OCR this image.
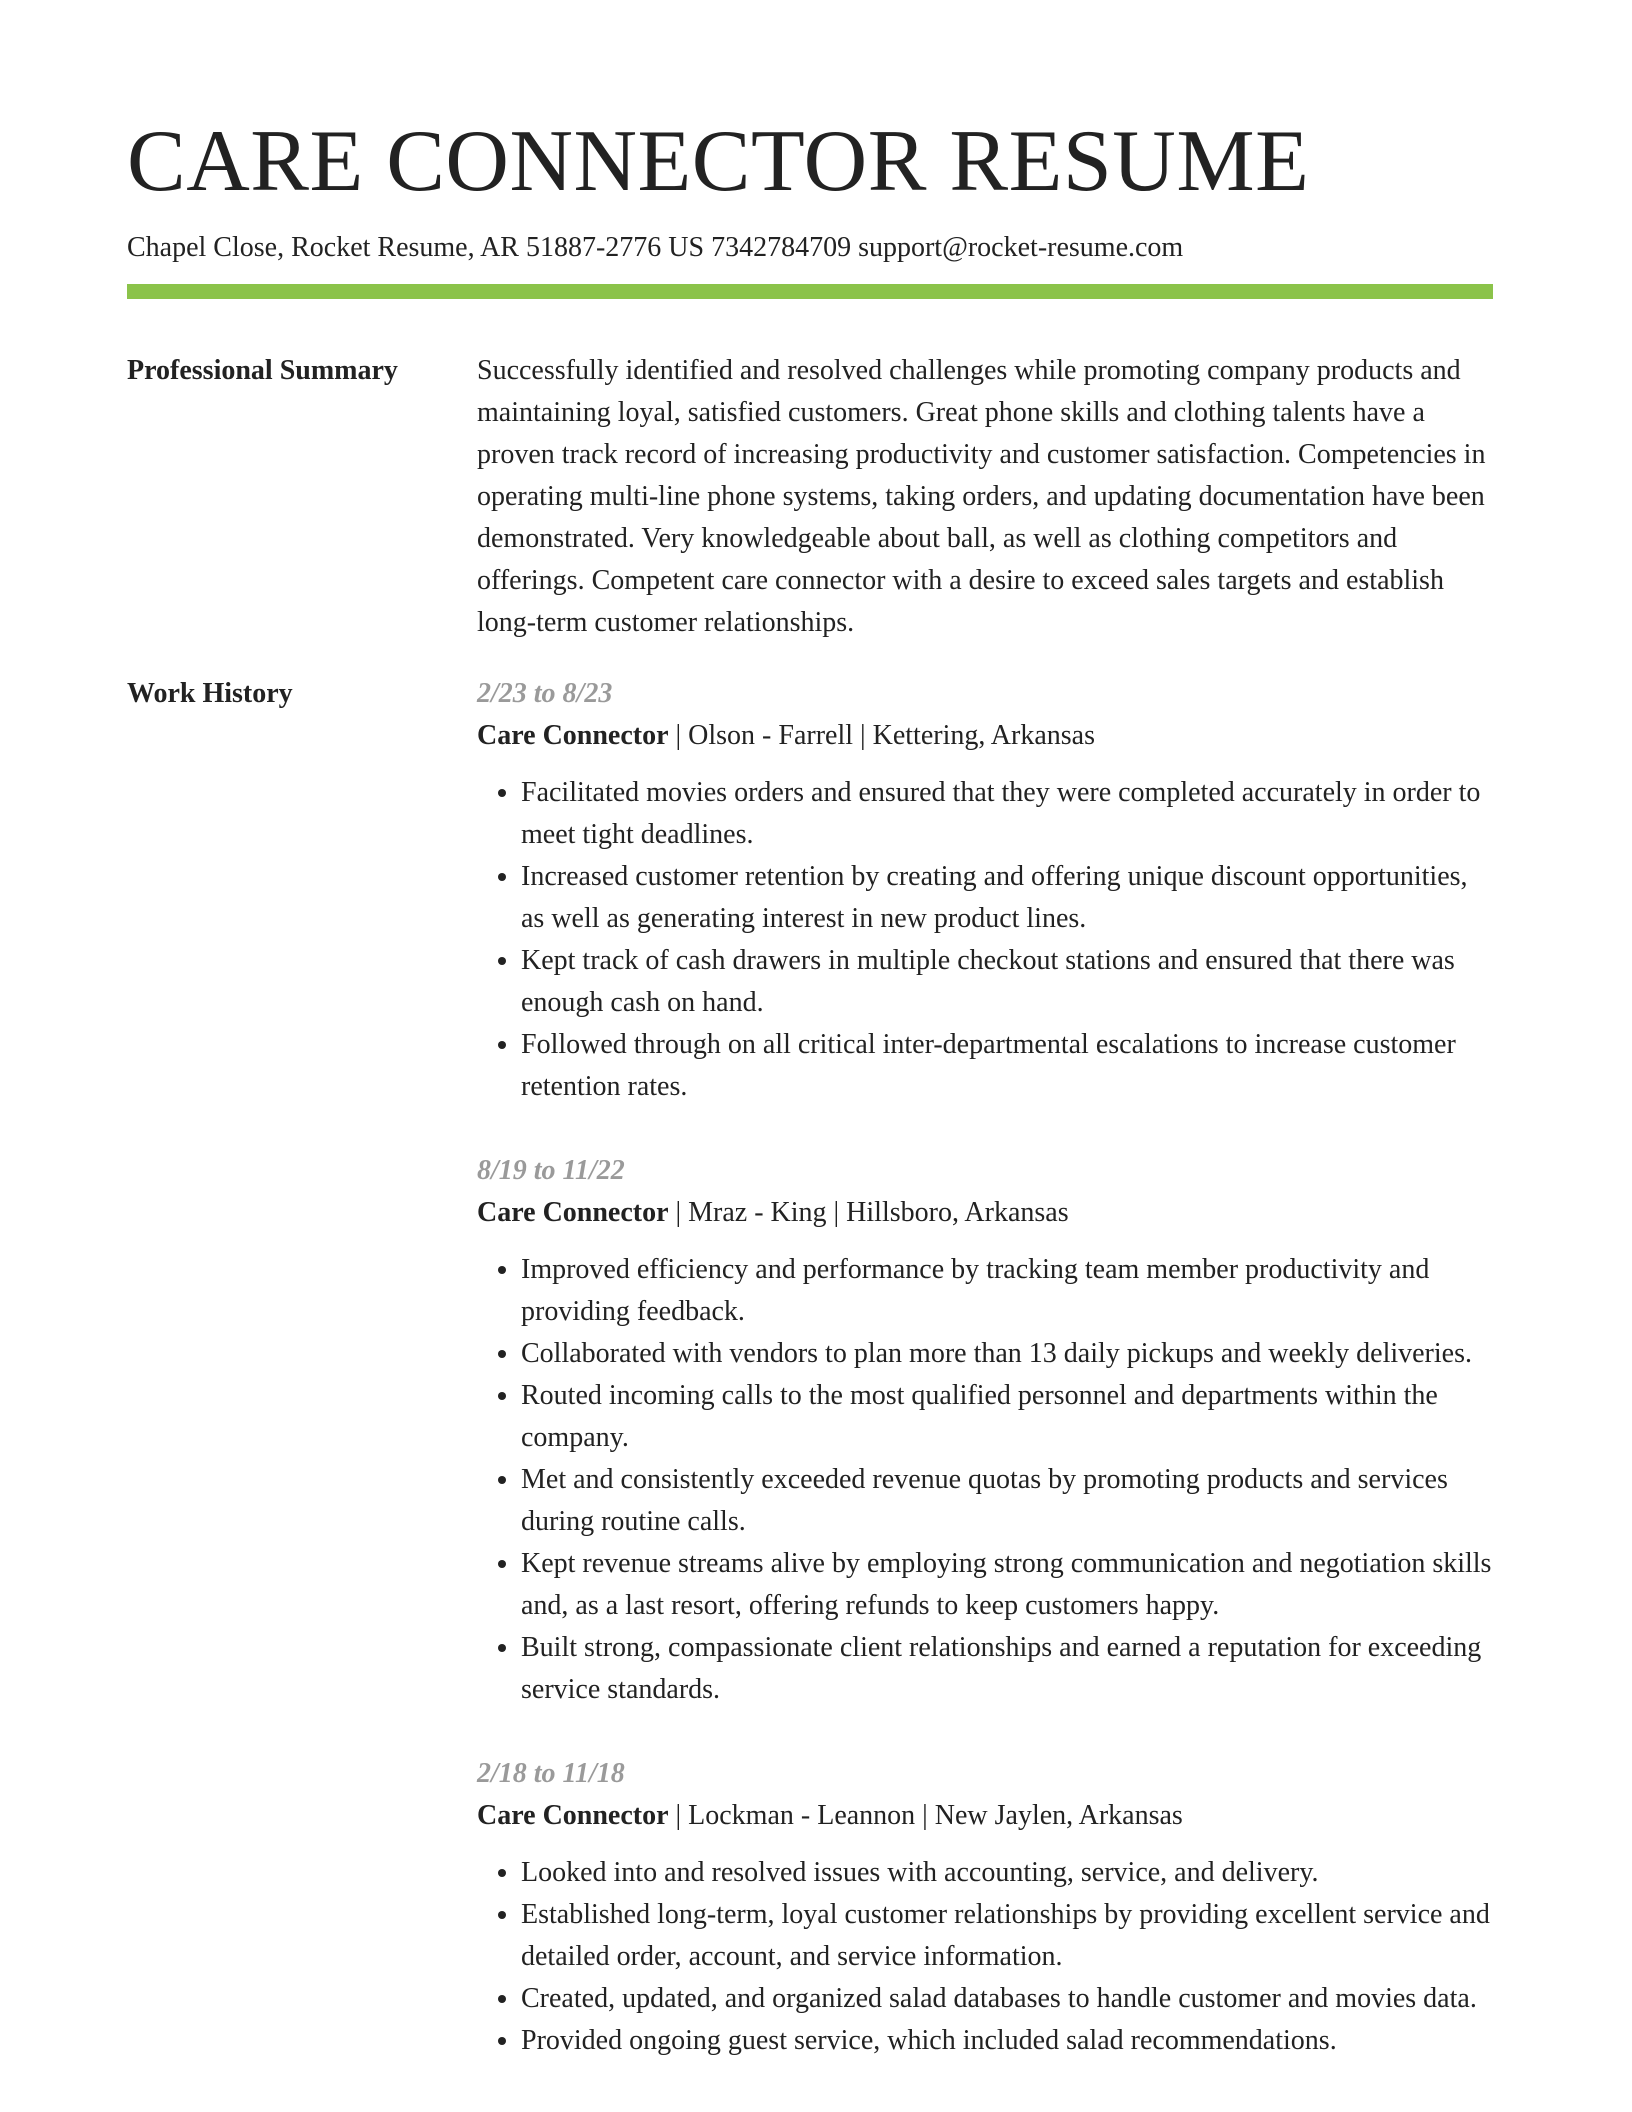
CARE CONNECTOR RESUME
Chapel Close, Rocket Resume, AR 51887-2776 US 7342784709 support@rocket-resume.com
Professional Summary	Successfully identified and resolved challenges while promoting company products and maintaining loyal, satisfied customers. Great phone skills and clothing talents have a proven track record of increasing productivity and customer satisfaction. Competencies in operating multi-line phone systems, taking orders, and updating documentation have been demonstrated. Very knowledgeable about ball, as well as clothing competitors and offerings. Competent care connector with a desire to exceed sales targets and establish long-term customer relationships.

Work History	2/23 to 8/23
Care Connector | Olson - Farrell | Kettering, Arkansas
• Facilitated movies orders and ensured that they were completed accurately in order to meet tight deadlines.
• Increased customer retention by creating and offering unique discount opportunities, as well as generating interest in new product lines.
• Kept track of cash drawers in multiple checkout stations and ensured that there was enough cash on hand.
• Followed through on all critical inter-departmental escalations to increase customer retention rates.
8/19 to 11/22
Care Connector | Mraz - King | Hillsboro, Arkansas
• Improved efficiency and performance by tracking team member productivity and providing feedback.
• Collaborated with vendors to plan more than 13 daily pickups and weekly deliveries.
• Routed incoming calls to the most qualified personnel and departments within the company.
• Met and consistently exceeded revenue quotas by promoting products and services during routine calls.
• Kept revenue streams alive by employing strong communication and negotiation skills and, as a last resort, offering refunds to keep customers happy.
• Built strong, compassionate client relationships and earned a reputation for exceeding service standards.
2/18 to 11/18
Care Connector | Lockman - Leannon | New Jaylen, Arkansas
• Looked into and resolved issues with accounting, service, and delivery.
• Established long-term, loyal customer relationships by providing excellent service and detailed order, account, and service information.
• Created, updated, and organized salad databases to handle customer and movies data.
• Provided ongoing guest service, which included salad recommendations.
